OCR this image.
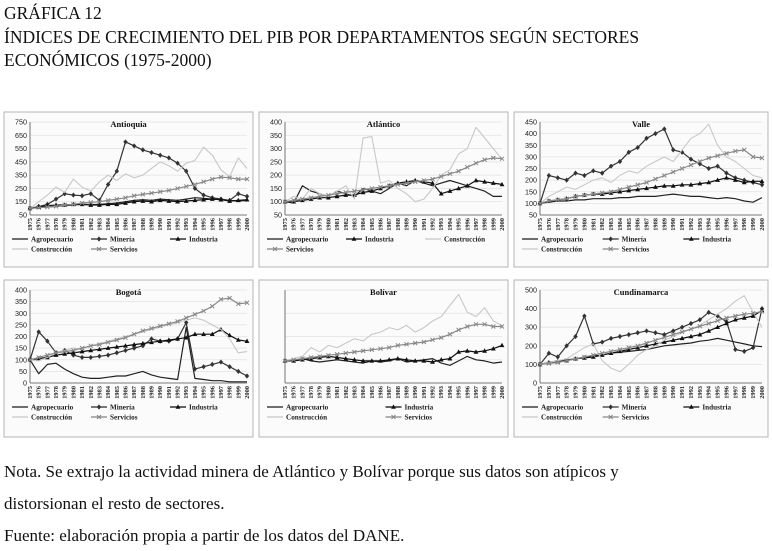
GRÁFICA 12
ÍNDICES DE CRECIMIENTO DEL PIB POR DEPARTAMENTOS SEGÚN SECTORES
ECONÓMICOS (1975-2000)
50
150
250
350
450
550
650
750
1975 1976 1977 1978 1979 1980 1981 1982 1983 1984 1985 1986 1987 1988 1989 1990 1991 1992 1993 1994 1995 1996 1997 1998 1999 2000
Antioquia
Agropecuario	Minería	Industria
Construcción	Servicios
50
100
150
200
250
300
350
400
1975 1976 1977 1978 1979 1980 1981 1982 1983 1984 1985 1986 1987 1988 1989 1990 1991 1992 1993 1994 1995 1996 1997 1998 1999 2000
Atlántico
Agropecuario	Industria	Construcción
Servicios
50
100
150
200
250
300
350
400
450
1975 1976 1977 1978 1979 1980 1981 1982 1983 1984 1985 1986 1987 1988 1989 1990 1991 1992 1993 1994 1995 1996 1997 1998 1999 2000
Valle
Agropecuario	Minería	Industria
Construcción	Servicios
0
50
100
150
200
250
300
350
400
1975 1976 1977 1978 1979 1980 1981 1982 1983 1984 1985 1986 1987 1988 1989 1990 1991 1992 1993 1994 1995 1996 1997 1998 1999 2000
Bogotá
Agropecuario	Minería	Industria
Construcción	Servicios
1975 1976 1977 1978 1979 1980 1981 1982 1983 1984 1985 1986 1987 1988 1989 1990 1991 1992 1993 1994 1995 1996 1997 1998 1999 2000
Bolívar
Agropecuario	Industria
Construcción	Servicios
0
100
200
300
400
500
1975 1976 1977 1978 1979 1980 1981 1982 1983 1984 1985 1986 1987 1988 1989 1990 1991 1992 1993 1994 1995 1996 1997 1998 1999 2000
Cundinamarca
Agropecuario	Minería	Industria
Construcción	Servicios
Nota. Se extrajo la actividad minera de Atlántico y Bolívar porque sus datos son atípicos y
distorsionan el resto de sectores.
Fuente: elaboración propia a partir de los datos del DANE.
